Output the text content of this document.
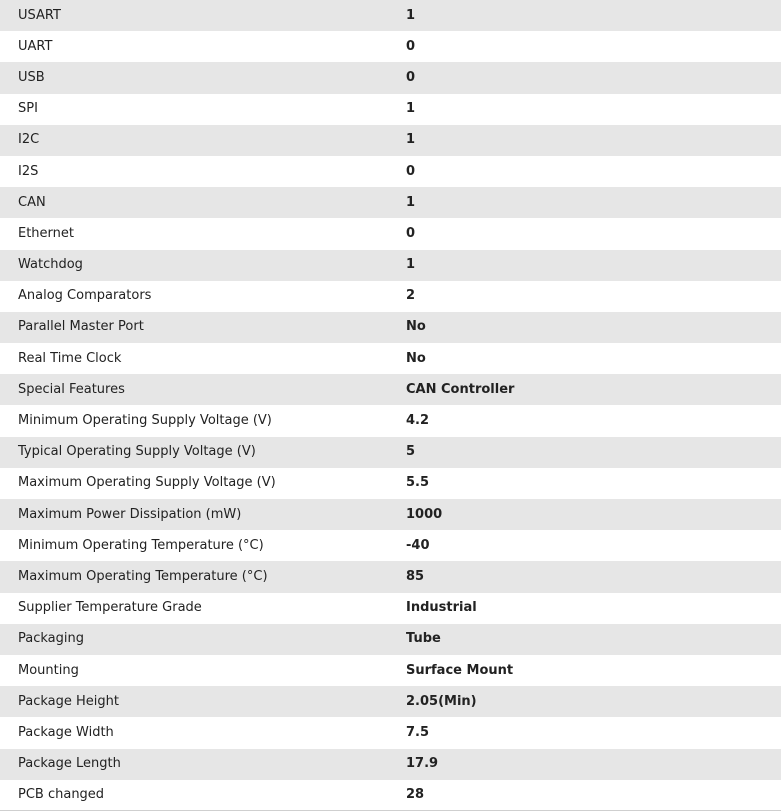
USART	1
UART	0
USB	0
SPI	1
I2C	1
I2S	0
CAN	1
Ethernet	0
Watchdog	1
Analog Comparators	2
Parallel Master Port	No
Real Time Clock	No
Special Features	CAN Controller
Minimum Operating Supply Voltage (V)	4.2
Typical Operating Supply Voltage (V)	5
Maximum Operating Supply Voltage (V)	5.5
Maximum Power Dissipation (mW)	1000
Minimum Operating Temperature (°C)	-40
Maximum Operating Temperature (°C)	85
Supplier Temperature Grade	Industrial
Packaging	Tube
Mounting	Surface Mount
Package Height	2.05(Min)
Package Width	7.5
Package Length	17.9
PCB changed	28
